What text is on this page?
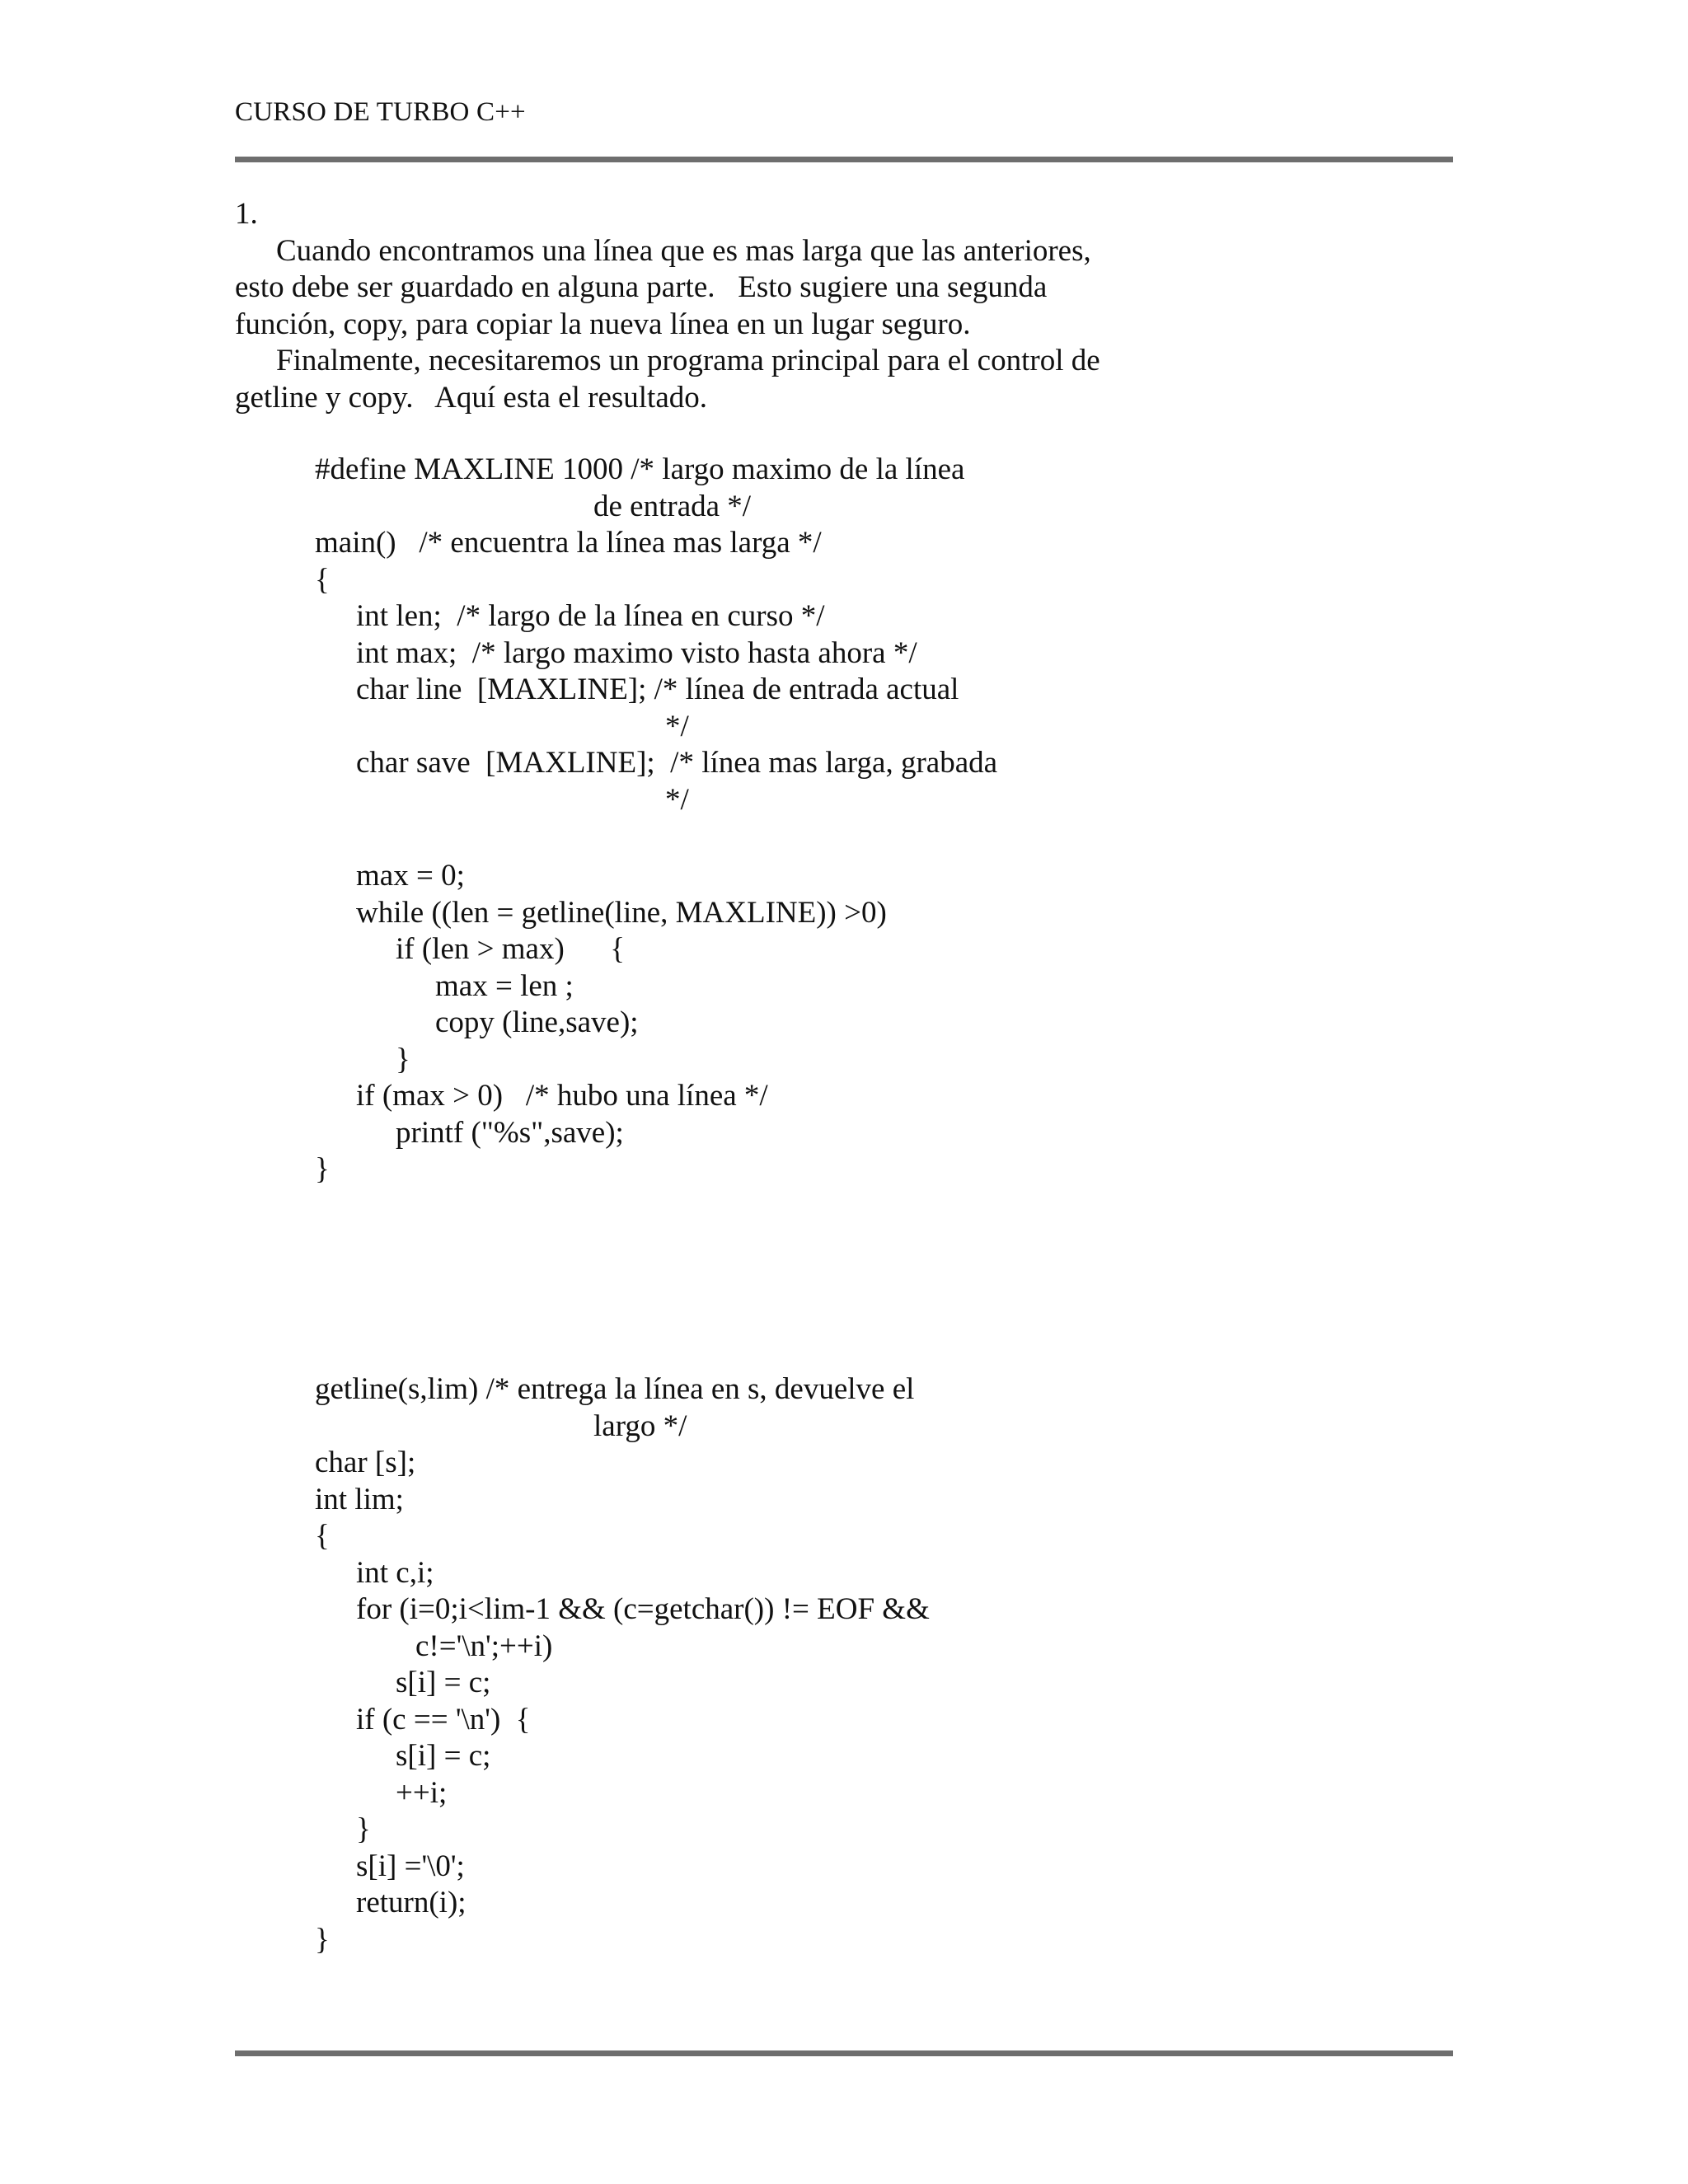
CURSO DE TURBO C++
1.
Cuando encontramos una línea que es mas larga que las anteriores,
esto debe ser guardado en alguna parte.   Esto sugiere una segunda
función, copy, para copiar la nueva línea en un lugar seguro.
Finalmente, necesitaremos un programa principal para el control de
getline y copy.   Aquí esta el resultado.
#define MAXLINE 1000 /* largo maximo de la línea
de entrada */
main()   /* encuentra la línea mas larga */
{
int len;  /* largo de la línea en curso */
int max;  /* largo maximo visto hasta ahora */
char line  [MAXLINE]; /* línea de entrada actual
*/
char save  [MAXLINE];  /* línea mas larga, grabada
*/
max = 0;
while ((len = getline(line, MAXLINE)) >0)
if (len > max)      {
max = len ;
copy (line,save);
}
if (max > 0)   /* hubo una línea */
printf ("%s",save);
}
getline(s,lim) /* entrega la línea en s, devuelve el
largo */
char [s];
int lim;
{
int c,i;
for (i=0;i<lim-1 && (c=getchar()) != EOF &&
c!='\n';++i)
s[i] = c;
if (c == '\n')  {
s[i] = c;
++i;
}
s[i] ='\0';
return(i);
}
